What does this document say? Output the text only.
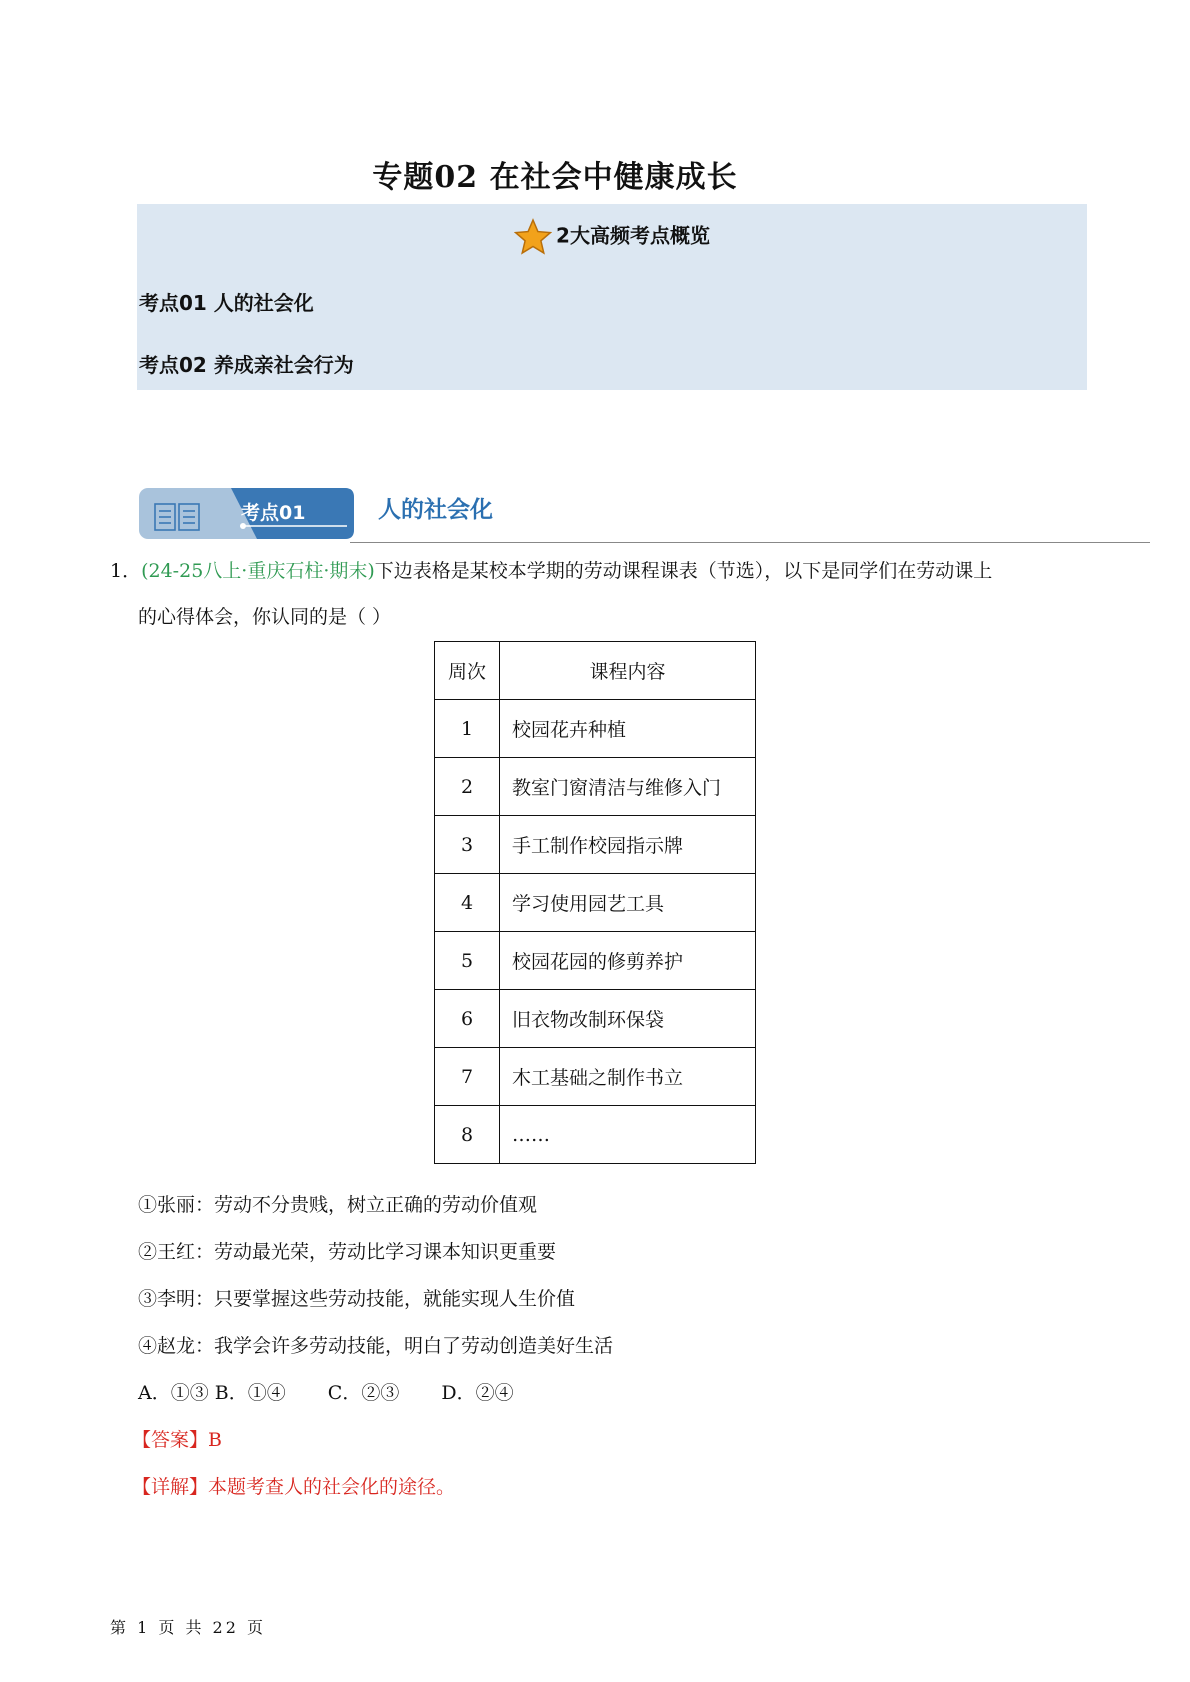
专题02 在社会中健康成长
2大高频考点概览
考点01 人的社会化
考点02 养成亲社会行为
考点01	人的社会化
1．(24-25八上·重庆石柱·期末)下边表格是某校本学期的劳动课程课表（节选），以下是同学们在劳动课上
的心得体会，你认同的是（ ）
周次	课程内容
1	校园花卉种植
2	教室门窗清洁与维修入门
3	手工制作校园指示牌
4	学习使用园艺工具
5	校园花园的修剪养护
6	旧衣物改制环保袋
7	木工基础之制作书立
8	……
①张丽：劳动不分贵贱，树立正确的劳动价值观
②王红：劳动最光荣，劳动比学习课本知识更重要
③李明：只要掌握这些劳动技能，就能实现人生价值
④赵龙：我学会许多劳动技能，明白了劳动创造美好生活
A．①③ B．①④ C．②③ D．②④
【答案】B
【详解】本题考查人的社会化的途径。
第 1 页 共 22 页
